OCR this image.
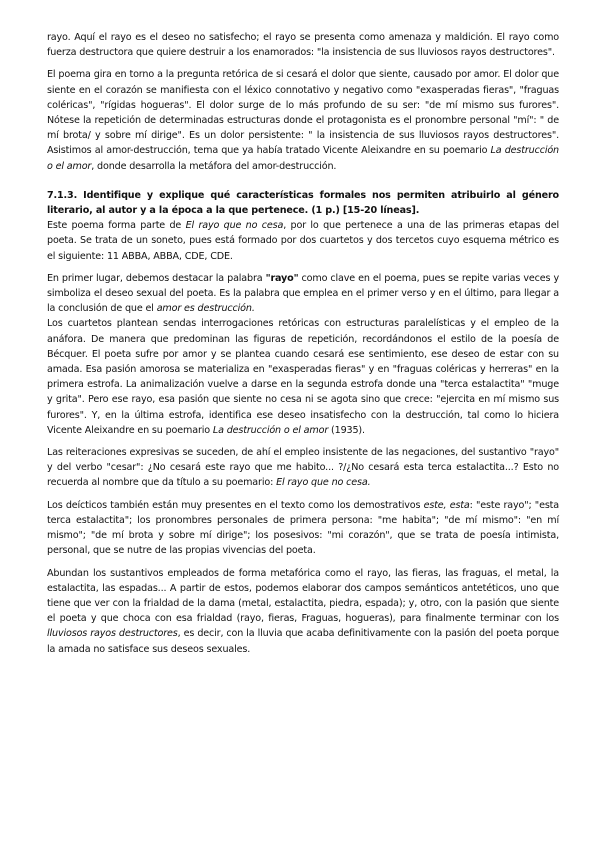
rayo. Aquí el rayo es el deseo no satisfecho; el rayo se presenta como amenaza y maldición. El rayo como fuerza destructora que quiere destruir a los enamorados: "la insistencia de sus lluviosos rayos destructores".

El poema gira en torno a la pregunta retórica de si cesará el dolor que siente, causado por amor. El dolor que siente en el corazón se manifiesta con el léxico connotativo y negativo como "exasperadas fieras", "fraguas coléricas", "rígidas hogueras". El dolor surge de lo más profundo de su ser: "de mí mismo sus furores". Nótese la repetición de determinadas estructuras donde el protagonista es el pronombre personal "mí": " de mí brota/ y sobre mí dirige". Es un dolor persistente: " la insistencia de sus lluviosos rayos destructores". Asistimos al amor-destrucción, tema que ya había tratado Vicente Aleixandre en su poemario La destrucción o el amor, donde desarrolla la metáfora del amor-destrucción.

7.1.3. Identifique y explique qué características formales nos permiten atribuirlo al género literario, al autor y a la época a la que pertenece. (1 p.) [15-20 líneas].

Este poema forma parte de El rayo que no cesa, por lo que pertenece a una de las primeras etapas del poeta. Se trata de un soneto, pues está formado por dos cuartetos y dos tercetos cuyo esquema métrico es el siguiente: 11 ABBA, ABBA, CDE, CDE.

En primer lugar, debemos destacar la palabra "rayo" como clave en el poema, pues se repite varias veces y simboliza el deseo sexual del poeta. Es la palabra que emplea en el primer verso y en el último, para llegar a la conclusión de que el amor es destrucción.

Los cuartetos plantean sendas interrogaciones retóricas con estructuras paralelísticas y el empleo de la anáfora. De manera que predominan las figuras de repetición, recordándonos el estilo de la poesía de Bécquer. El poeta sufre por amor y se plantea cuando cesará ese sentimiento, ese deseo de estar con su amada. Esa pasión amorosa se materializa en "exasperadas fieras" y en "fraguas coléricas y herreras" en la primera estrofa. La animalización vuelve a darse en la segunda estrofa donde una "terca estalactita" "muge y grita". Pero ese rayo, esa pasión que siente no cesa ni se agota sino que crece: "ejercita en mí mismo sus furores". Y, en la última estrofa, identifica ese deseo insatisfecho con la destrucción, tal como lo hiciera Vicente Aleixandre en su poemario La destrucción o el amor (1935).

Las reiteraciones expresivas se suceden, de ahí el empleo insistente de las negaciones, del sustantivo "rayo" y del verbo "cesar": ¿No cesará este rayo que me habito... ?/¿No cesará esta terca estalactita...? Esto no recuerda al nombre que da título a su poemario: El rayo que no cesa.

Los deícticos también están muy presentes en el texto como los demostrativos este, esta: "este rayo"; "esta terca estalactita"; los pronombres personales de primera persona: "me habita"; "de mí mismo": "en mí mismo"; "de mí brota y sobre mí dirige"; los posesivos: "mi corazón", que se trata de poesía intimista, personal, que se nutre de las propias vivencias del poeta.

Abundan los sustantivos empleados de forma metafórica como el rayo, las fieras, las fraguas, el metal, la estalactita, las espadas... A partir de estos, podemos elaborar dos campos semánticos antetéticos, uno que tiene que ver con la frialdad de la dama (metal, estalactita, piedra, espada); y, otro, con la pasión que siente el poeta y que choca con esa frialdad (rayo, fieras, Fraguas, hogueras), para finalmente terminar con los lluviosos rayos destructores, es decir, con la lluvia que acaba definitivamente con la pasión del poeta porque la amada no satisface sus deseos sexuales.
